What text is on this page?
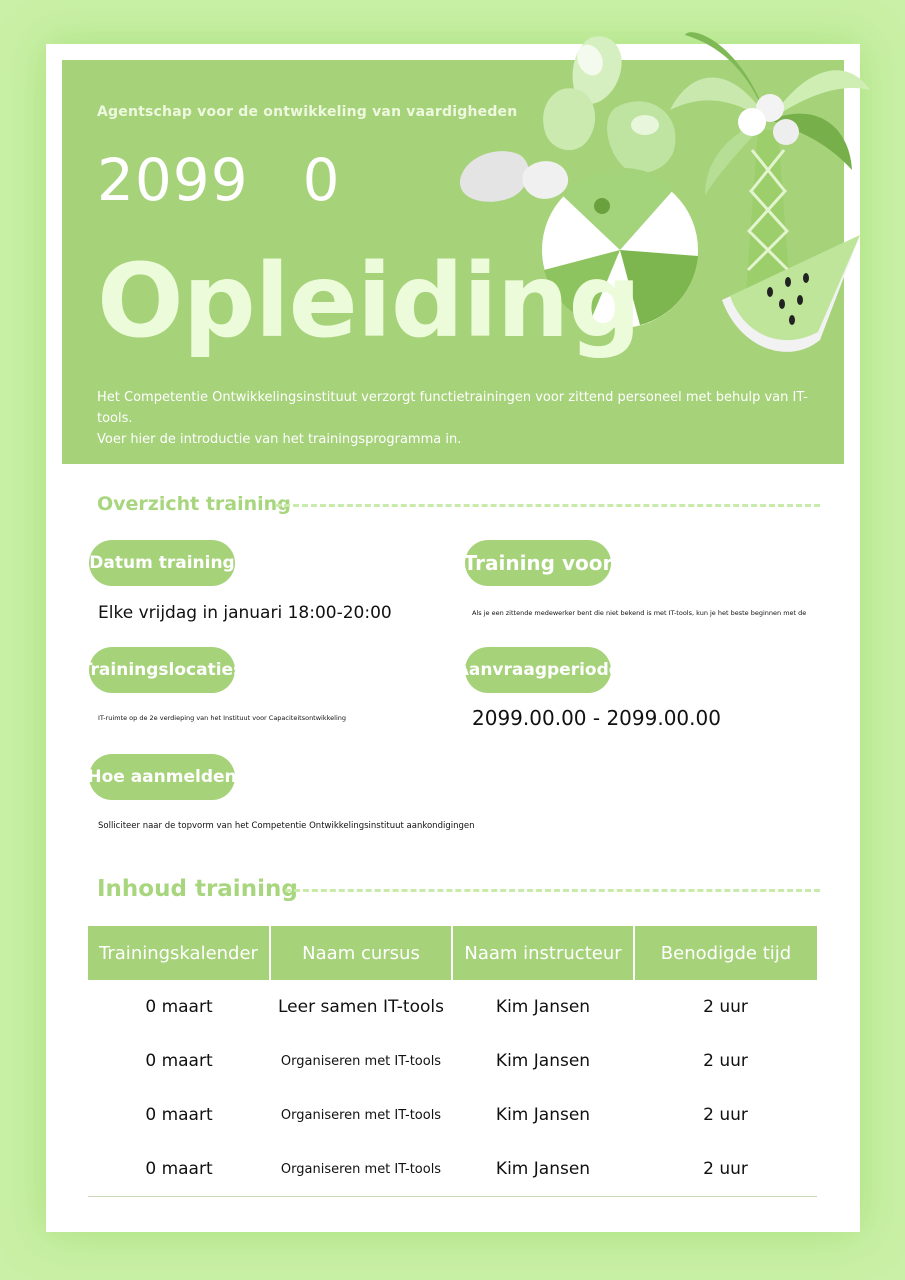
Agentschap voor de ontwikkeling van vaardigheden
2099 0
Opleiding
Het Competentie Ontwikkelingsinstituut verzorgt functietrainingen voor zittend personeel met behulp van IT-tools.
Voer hier de introductie van het trainingsprogramma in.
Overzicht training
Datum training
Elke vrijdag in januari 18:00-20:00
Training voor
Als je een zittende medewerker bent die niet bekend is met IT-tools, kun je het beste beginnen met de
Trainingslocaties
IT-ruimte op de 2e verdieping van het Instituut voor Capaciteitsontwikkeling
Aanvraagperiode
2099.00.00 - 2099.00.00
Hoe aanmelden
Solliciteer naar de topvorm van het Competentie Ontwikkelingsinstituut aankondigingen
Inhoud training
Trainingskalender	Naam cursus	Naam instructeur	Benodigde tijd
0 maart	Leer samen IT-tools	Kim Jansen	2 uur
0 maart	Organiseren met IT-tools	Kim Jansen	2 uur
0 maart	Organiseren met IT-tools	Kim Jansen	2 uur
0 maart	Organiseren met IT-tools	Kim Jansen	2 uur
